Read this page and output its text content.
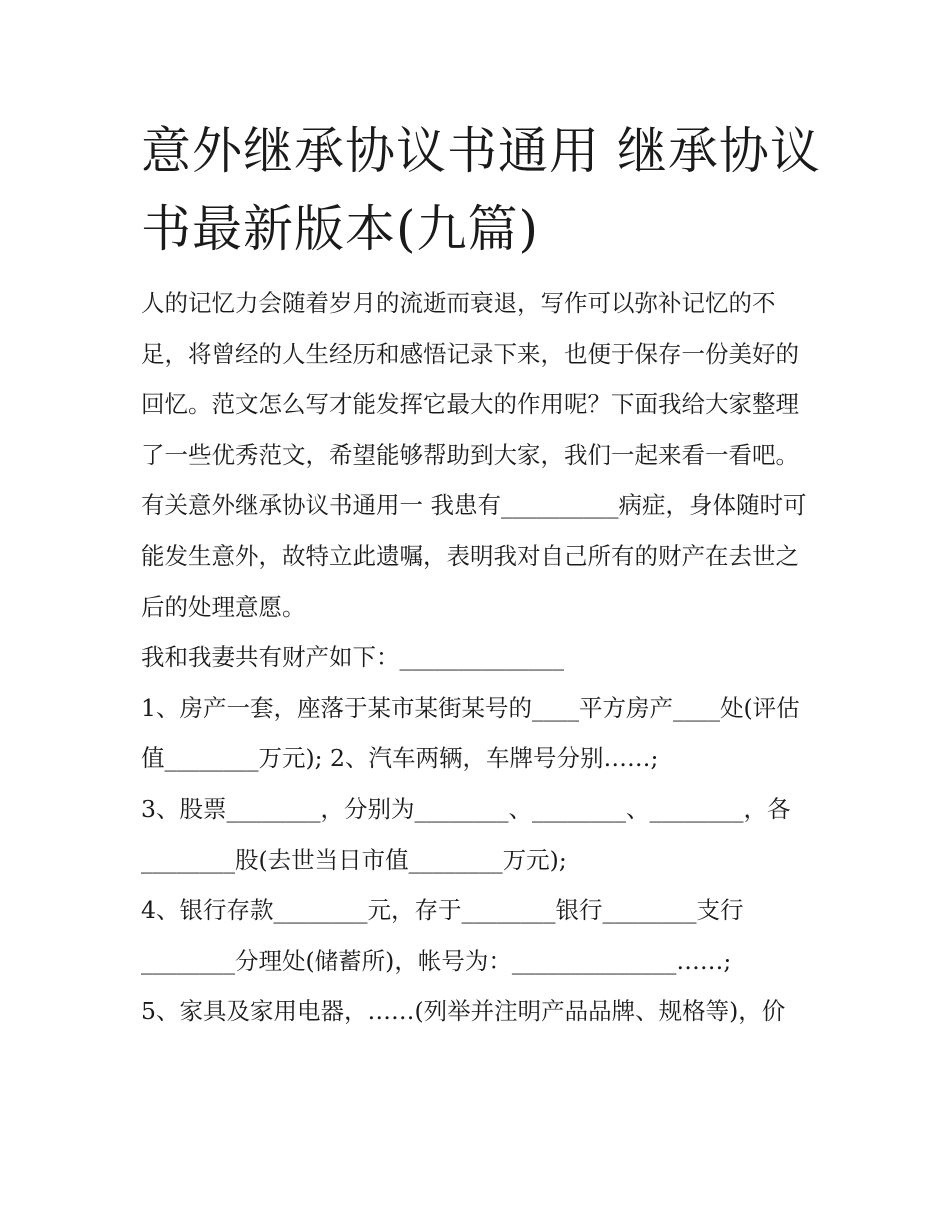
意外继承协议书通用 继承协议书最新版本(九篇)

人的记忆力会随着岁月的流逝而衰退，写作可以弥补记忆的不足，将曾经的人生经历和感悟记录下来，也便于保存一份美好的回忆。范文怎么写才能发挥它最大的作用呢？下面我给大家整理了一些优秀范文，希望能够帮助到大家，我们一起来看一看吧。

有关意外继承协议书通用一 我患有__________病症，身体随时可能发生意外，故特立此遗嘱，表明我对自己所有的财产在去世之后的处理意愿。

我和我妻共有财产如下：______________

1、房产一套，座落于某市某街某号的____平方房产____处(评估值________万元); 2、汽车两辆，车牌号分别……;

3、股票________，分别为________、________、________，各________股(去世当日市值________万元);

4、银行存款________元，存于________银行________支行________分理处(储蓄所)，帐号为：______________……;

5、家具及家用电器，……(列举并注明产品品牌、规格等)，价
